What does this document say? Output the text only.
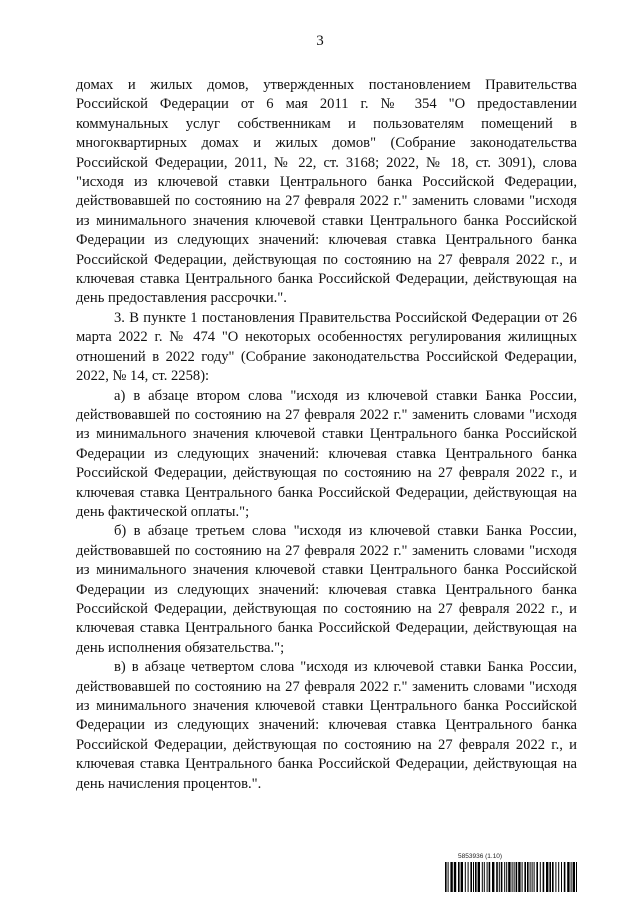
3

домах и жилых домов, утвержденных постановлением Правительства Российской Федерации от 6 мая 2011 г. № 354 "О предоставлении коммунальных услуг собственникам и пользователям помещений в многоквартирных домах и жилых домов" (Собрание законодательства Российской Федерации, 2011, № 22, ст. 3168; 2022, № 18, ст. 3091), слова "исходя из ключевой ставки Центрального банка Российской Федерации, действовавшей по состоянию на 27 февраля 2022 г." заменить словами "исходя из минимального значения ключевой ставки Центрального банка Российской Федерации из следующих значений: ключевая ставка Центрального банка Российской Федерации, действующая по состоянию на 27 февраля 2022 г., и ключевая ставка Центрального банка Российской Федерации, действующая на день предоставления рассрочки.".

3. В пункте 1 постановления Правительства Российской Федерации от 26 марта 2022 г. № 474 "О некоторых особенностях регулирования жилищных отношений в 2022 году" (Собрание законодательства Российской Федерации, 2022, № 14, ст. 2258):

а) в абзаце втором слова "исходя из ключевой ставки Банка России, действовавшей по состоянию на 27 февраля 2022 г." заменить словами "исходя из минимального значения ключевой ставки Центрального банка Российской Федерации из следующих значений: ключевая ставка Центрального банка Российской Федерации, действующая по состоянию на 27 февраля 2022 г., и ключевая ставка Центрального банка Российской Федерации, действующая на день фактической оплаты.";

б) в абзаце третьем слова "исходя из ключевой ставки Банка России, действовавшей по состоянию на 27 февраля 2022 г." заменить словами "исходя из минимального значения ключевой ставки Центрального банка Российской Федерации из следующих значений: ключевая ставка Центрального банка Российской Федерации, действующая по состоянию на 27 февраля 2022 г., и ключевая ставка Центрального банка Российской Федерации, действующая на день исполнения обязательства.";

в) в абзаце четвертом слова "исходя из ключевой ставки Банка России, действовавшей по состоянию на 27 февраля 2022 г." заменить словами "исходя из минимального значения ключевой ставки Центрального банка Российской Федерации из следующих значений: ключевая ставка Центрального банка Российской Федерации, действующая по состоянию на 27 февраля 2022 г., и ключевая ставка Центрального банка Российской Федерации, действующая на день начисления процентов.".

5853936 (1.10)
